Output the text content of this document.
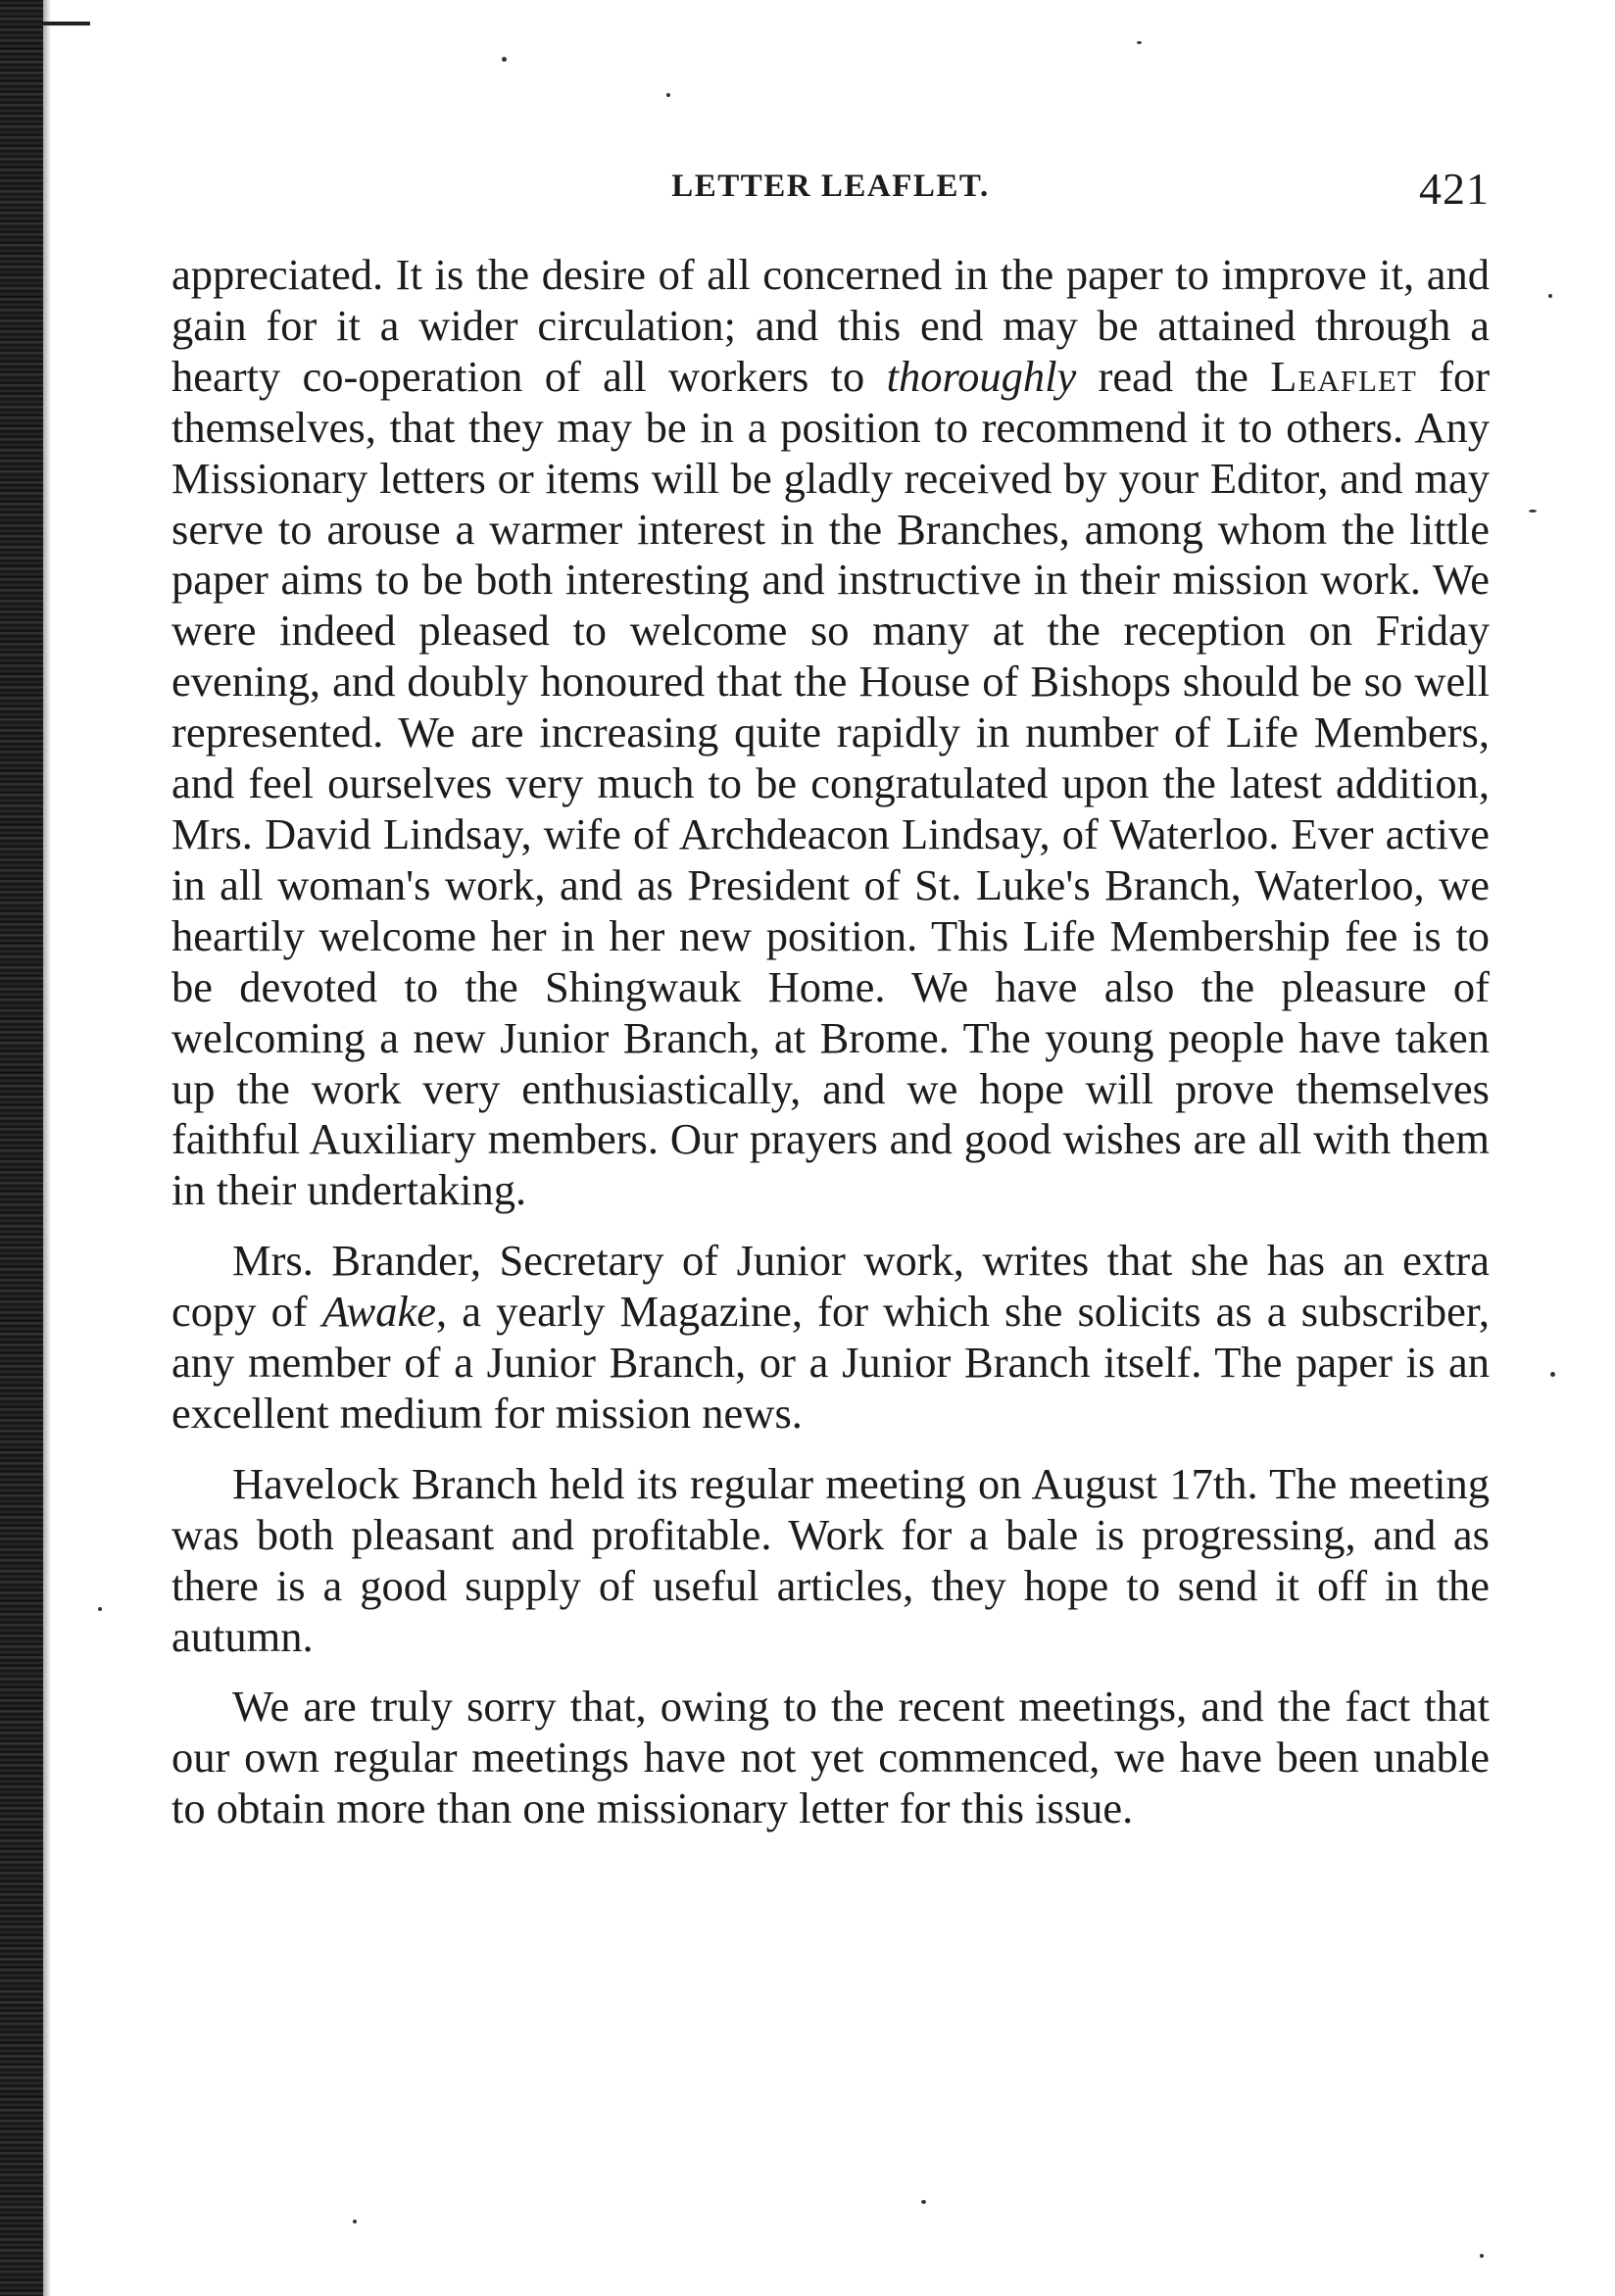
LETTER LEAFLET.	421

appreciated. It is the desire of all concerned in the paper to improve it, and gain for it a wider circulation; and this end may be attained through a hearty co-operation of all workers to thoroughly read the Leaflet for themselves, that they may be in a position to recommend it to others. Any Missionary letters or items will be gladly received by your Editor, and may serve to arouse a warmer interest in the Branches, among whom the little paper aims to be both interesting and instructive in their mission work. We were indeed pleased to welcome so many at the reception on Friday evening, and doubly honoured that the House of Bishops should be so well represented. We are increasing quite rapidly in number of Life Members, and feel ourselves very much to be congratulated upon the latest addition, Mrs. David Lindsay, wife of Archdeacon Lindsay, of Waterloo. Ever active in all woman's work, and as President of St. Luke's Branch, Waterloo, we heartily welcome her in her new position. This Life Membership fee is to be devoted to the Shingwauk Home. We have also the pleasure of welcoming a new Junior Branch, at Brome. The young people have taken up the work very enthusiastically, and we hope will prove themselves faithful Auxiliary members. Our prayers and good wishes are all with them in their undertaking.

Mrs. Brander, Secretary of Junior work, writes that she has an extra copy of Awake, a yearly Magazine, for which she solicits as a subscriber, any member of a Junior Branch, or a Junior Branch itself. The paper is an excellent medium for mission news.

Havelock Branch held its regular meeting on August 17th. The meeting was both pleasant and profitable. Work for a bale is progressing, and as there is a good supply of useful articles, they hope to send it off in the autumn.

We are truly sorry that, owing to the recent meetings, and the fact that our own regular meetings have not yet commenced, we have been unable to obtain more than one missionary letter for this issue.
